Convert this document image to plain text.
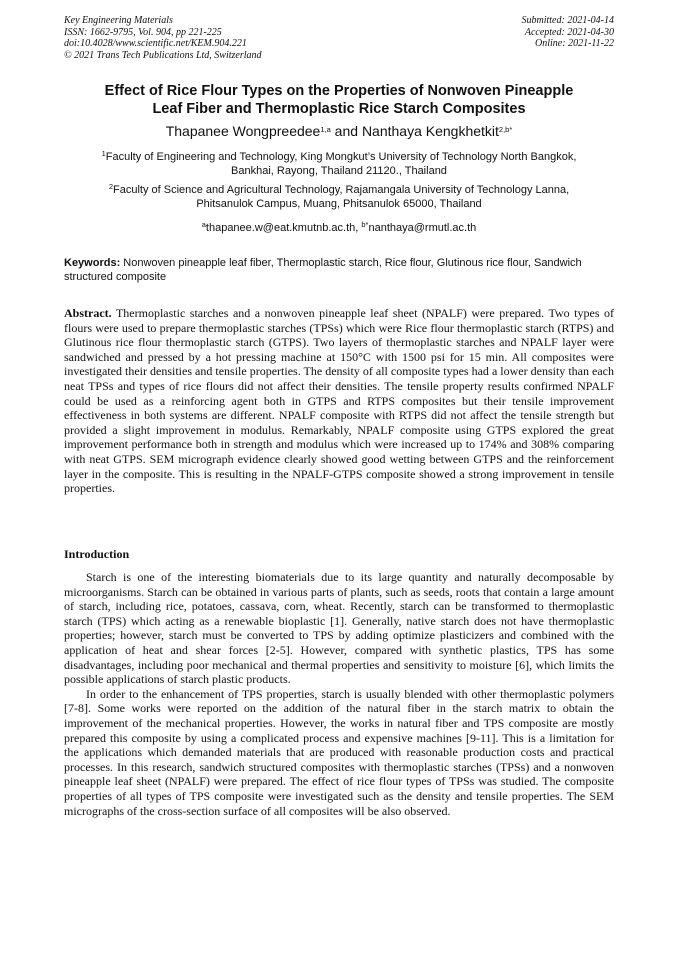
Key Engineering Materials
ISSN: 1662-9795, Vol. 904, pp 221-225
doi:10.4028/www.scientific.net/KEM.904.221
© 2021 Trans Tech Publications Ltd, Switzerland
Submitted: 2021-04-14
Accepted: 2021-04-30
Online: 2021-11-22
Effect of Rice Flour Types on the Properties of Nonwoven Pineapple
Leaf Fiber and Thermoplastic Rice Starch Composites
Thapanee Wongpreedee$^{1,a}$ and Nanthaya Kengkhetkit$^{2,b*}$
$^1$Faculty of Engineering and Technology, King Mongkut’s University of Technology North Bangkok,
Bankhai, Rayong, Thailand 21120., Thailand
$^2$Faculty of Science and Agricultural Technology, Rajamangala University of Technology Lanna,
Phitsanulok Campus, Muang, Phitsanulok 65000, Thailand
$^a$thapanee.w@eat.kmutnb.ac.th, $^{b*}$nanthaya@rmutl.ac.th
Keywords: Nonwoven pineapple leaf fiber, Thermoplastic starch, Rice flour, Glutinous rice flour, Sandwich structured composite
Abstract. Thermoplastic starches and a nonwoven pineapple leaf sheet (NPALF) were prepared. Two types of flours were used to prepare thermoplastic starches (TPSs) which were Rice flour thermoplastic starch (RTPS) and Glutinous rice flour thermoplastic starch (GTPS). Two layers of thermoplastic starches and NPALF layer were sandwiched and pressed by a hot pressing machine at 150°C with 1500 psi for 15 min. All composites were investigated their densities and tensile properties. The density of all composite types had a lower density than each neat TPSs and types of rice flours did not affect their densities. The tensile property results confirmed NPALF could be used as a reinforcing agent both in GTPS and RTPS composites but their tensile improvement effectiveness in both systems are different. NPALF composite with RTPS did not affect the tensile strength but provided a slight improvement in modulus. Remarkably, NPALF composite using GTPS explored the great improvement performance both in strength and modulus which were increased up to 174% and 308% comparing with neat GTPS. SEM micrograph evidence clearly showed good wetting between GTPS and the reinforcement layer in the composite. This is resulting in the NPALF-GTPS composite showed a strong improvement in tensile properties.
Introduction

Starch is one of the interesting biomaterials due to its large quantity and naturally decomposable by microorganisms. Starch can be obtained in various parts of plants, such as seeds, roots that contain a large amount of starch, including rice, potatoes, cassava, corn, wheat. Recently, starch can be transformed to thermoplastic starch (TPS) which acting as a renewable bioplastic [1]. Generally, native starch does not have thermoplastic properties; however, starch must be converted to TPS by adding optimize plasticizers and combined with the application of heat and shear forces [2-5]. However, compared with synthetic plastics, TPS has some disadvantages, including poor mechanical and thermal properties and sensitivity to moisture [6], which limits the possible applications of starch plastic products.

In order to the enhancement of TPS properties, starch is usually blended with other thermoplastic polymers [7-8]. Some works were reported on the addition of the natural fiber in the starch matrix to obtain the improvement of the mechanical properties. However, the works in natural fiber and TPS composite are mostly prepared this composite by using a complicated process and expensive machines [9-11]. This is a limitation for the applications which demanded materials that are produced with reasonable production costs and practical processes. In this research, sandwich structured composites with thermoplastic starches (TPSs) and a nonwoven pineapple leaf sheet (NPALF) were prepared. The effect of rice flour types of TPSs was studied. The composite properties of all types of TPS composite were investigated such as the density and tensile properties. The SEM micrographs of the cross-section surface of all composites will be also observed.
